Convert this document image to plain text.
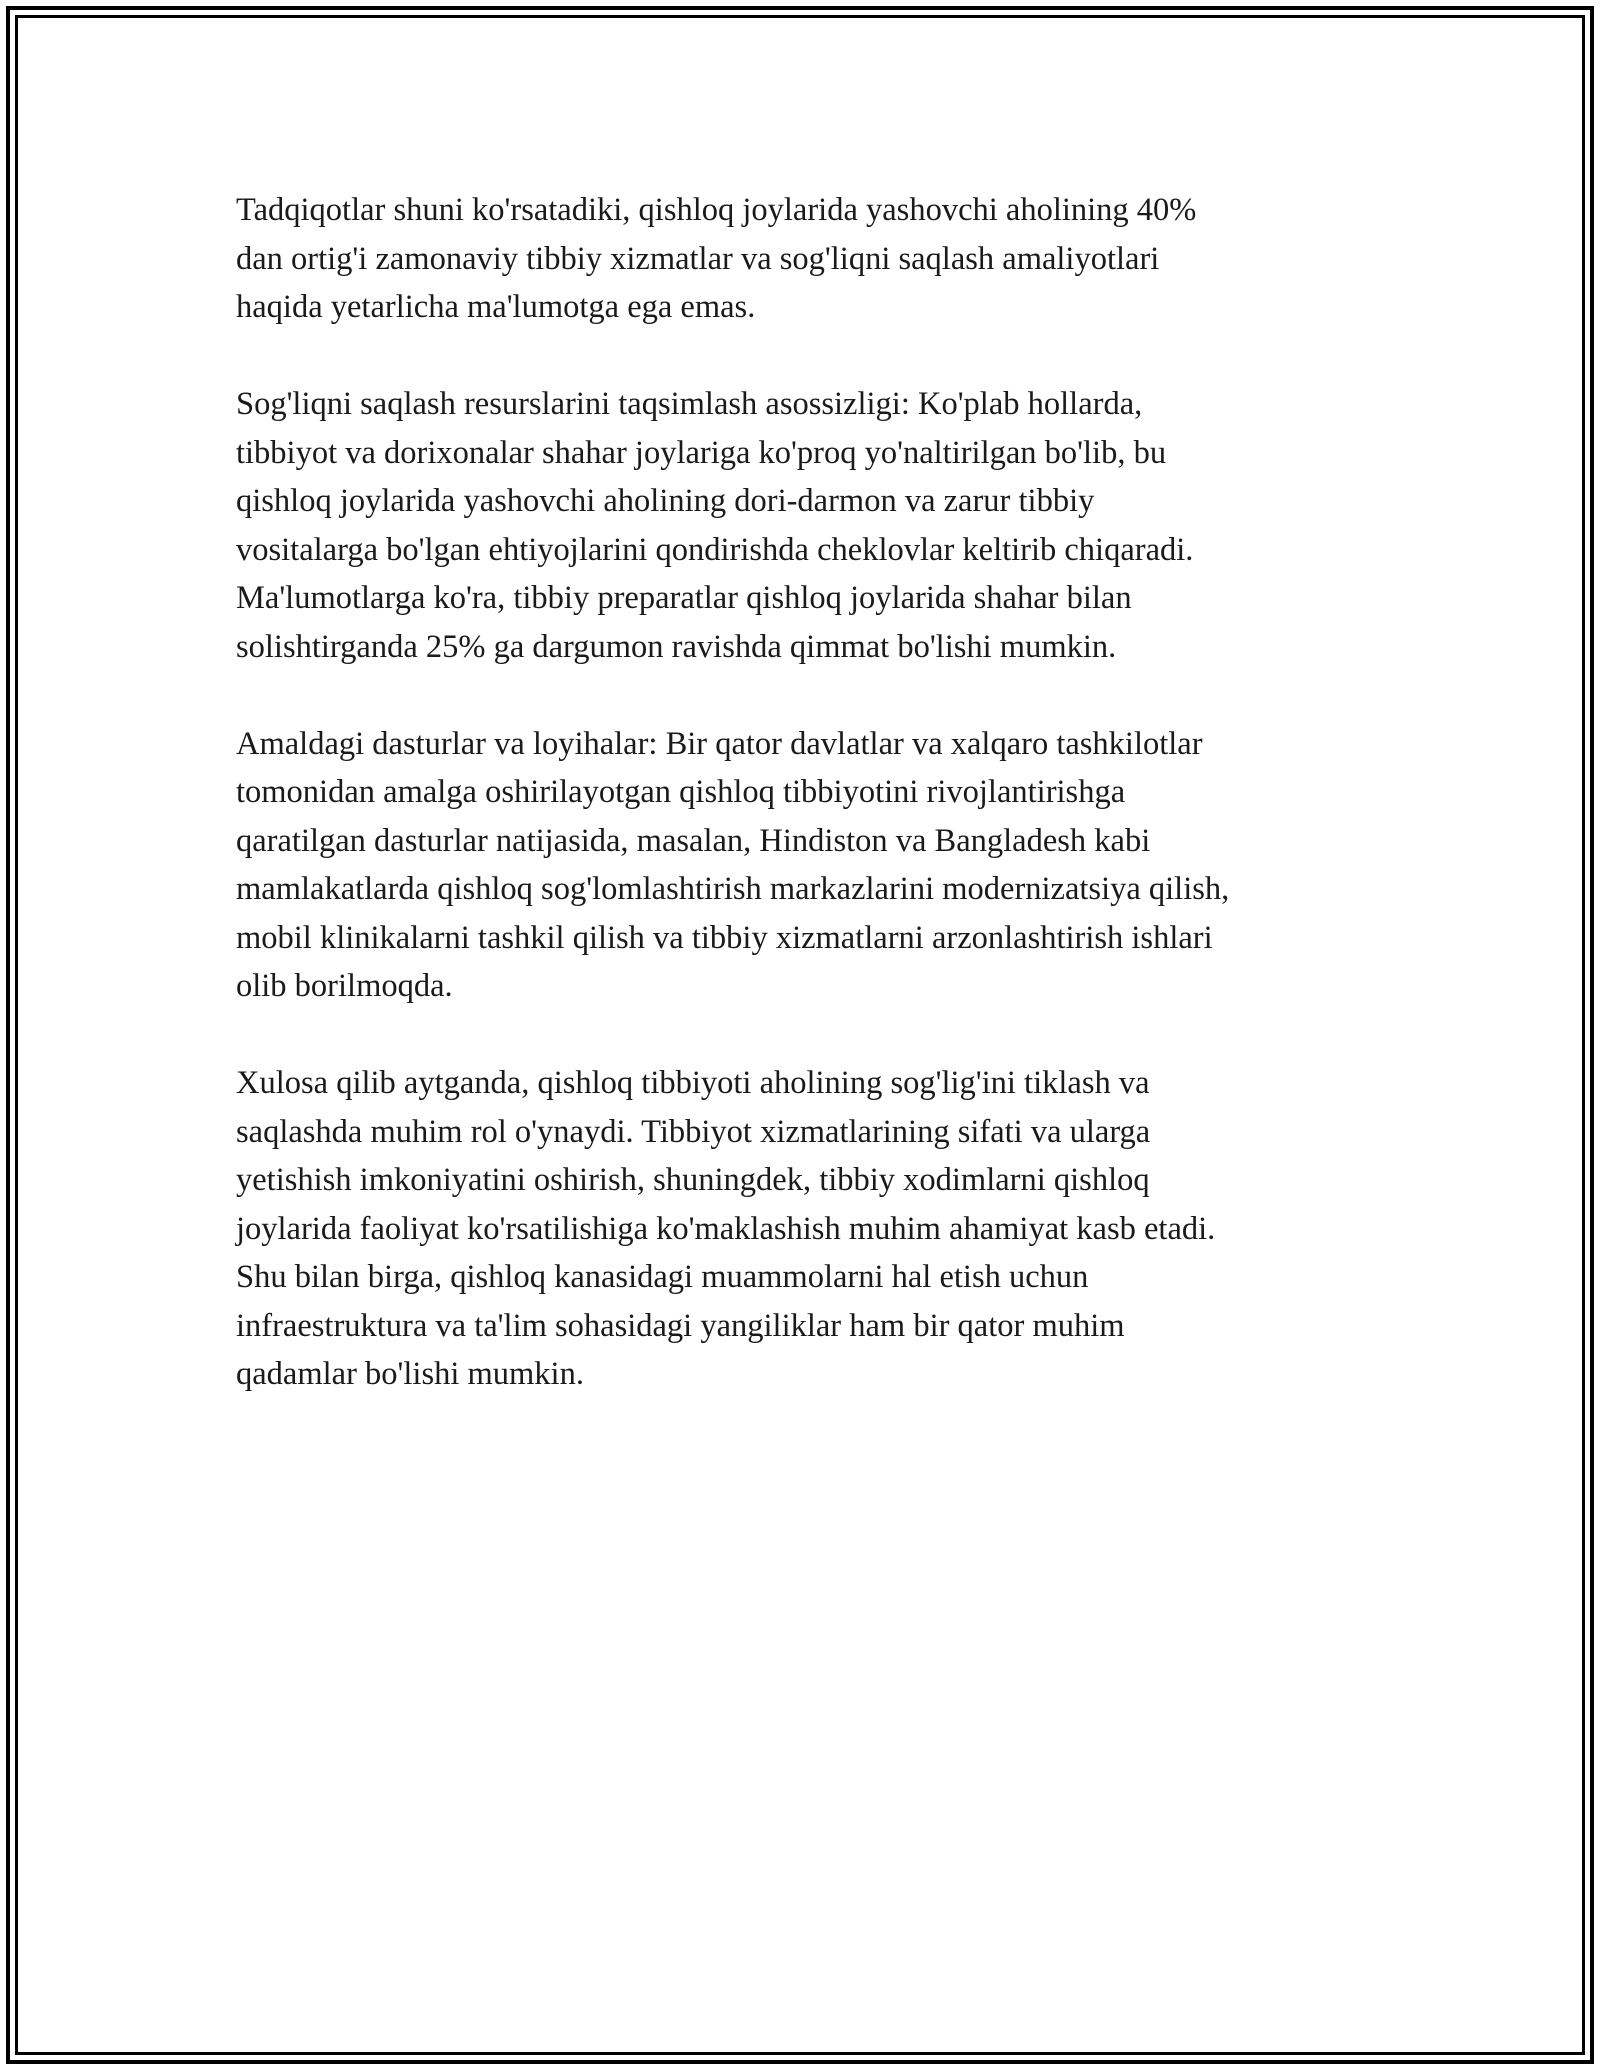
Tadqiqotlar shuni ko'rsatadiki, qishloq joylarida yashovchi aholining 40%
dan ortig'i zamonaviy tibbiy xizmatlar va sog'liqni saqlash amaliyotlari
haqida yetarlicha ma'lumotga ega emas.

Sog'liqni saqlash resurslarini taqsimlash asossizligi: Ko'plab hollarda,
tibbiyot va dorixonalar shahar joylariga ko'proq yo'naltirilgan bo'lib, bu
qishloq joylarida yashovchi aholining dori-darmon va zarur tibbiy
vositalarga bo'lgan ehtiyojlarini qondirishda cheklovlar keltirib chiqaradi.
Ma'lumotlarga ko'ra, tibbiy preparatlar qishloq joylarida shahar bilan
solishtirganda 25% ga dargumon ravishda qimmat bo'lishi mumkin.

Amaldagi dasturlar va loyihalar: Bir qator davlatlar va xalqaro tashkilotlar
tomonidan amalga oshirilayotgan qishloq tibbiyotini rivojlantirishga
qaratilgan dasturlar natijasida, masalan, Hindiston va Bangladesh kabi
mamlakatlarda qishloq sog'lomlashtirish markazlarini modernizatsiya qilish,
mobil klinikalarni tashkil qilish va tibbiy xizmatlarni arzonlashtirish ishlari
olib borilmoqda.

Xulosa qilib aytganda, qishloq tibbiyoti aholining sog'lig'ini tiklash va
saqlashda muhim rol o'ynaydi. Tibbiyot xizmatlarining sifati va ularga
yetishish imkoniyatini oshirish, shuningdek, tibbiy xodimlarni qishloq
joylarida faoliyat ko'rsatilishiga ko'maklashish muhim ahamiyat kasb etadi.
Shu bilan birga, qishloq kanasidagi muammolarni hal etish uchun
infraestruktura va ta'lim sohasidagi yangiliklar ham bir qator muhim
qadamlar bo'lishi mumkin.
